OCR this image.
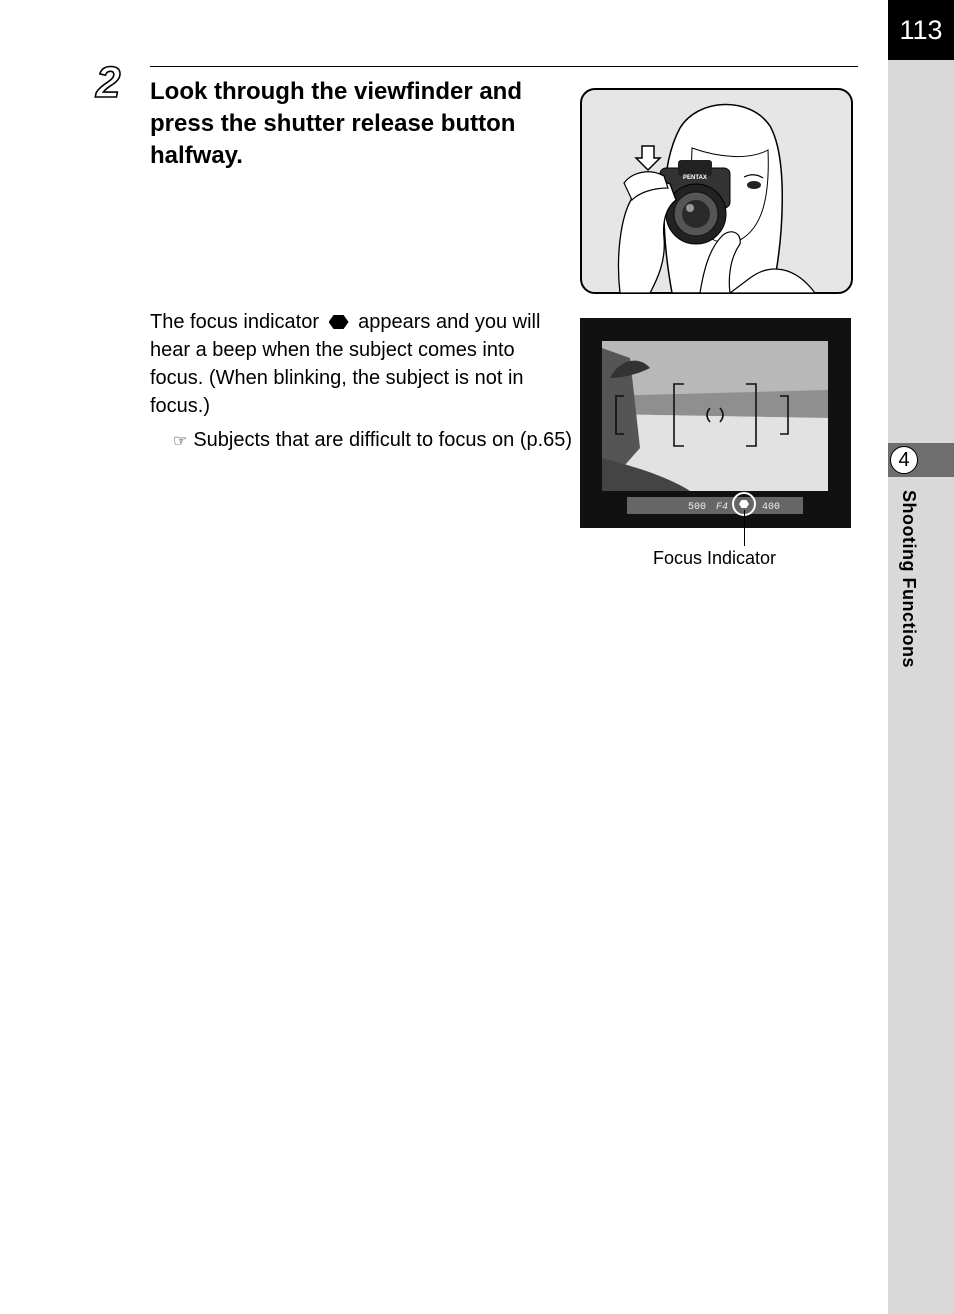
113
4
Shooting Functions
2 Look through the viewfinder and press the shutter release button halfway.
The focus indicator appears and you will hear a beep when the subject comes into focus. (When blinking, the subject is not in focus.)
☞ Subjects that are difficult to focus on (p.65)
PENTAX
500 F4	400
Focus Indicator
